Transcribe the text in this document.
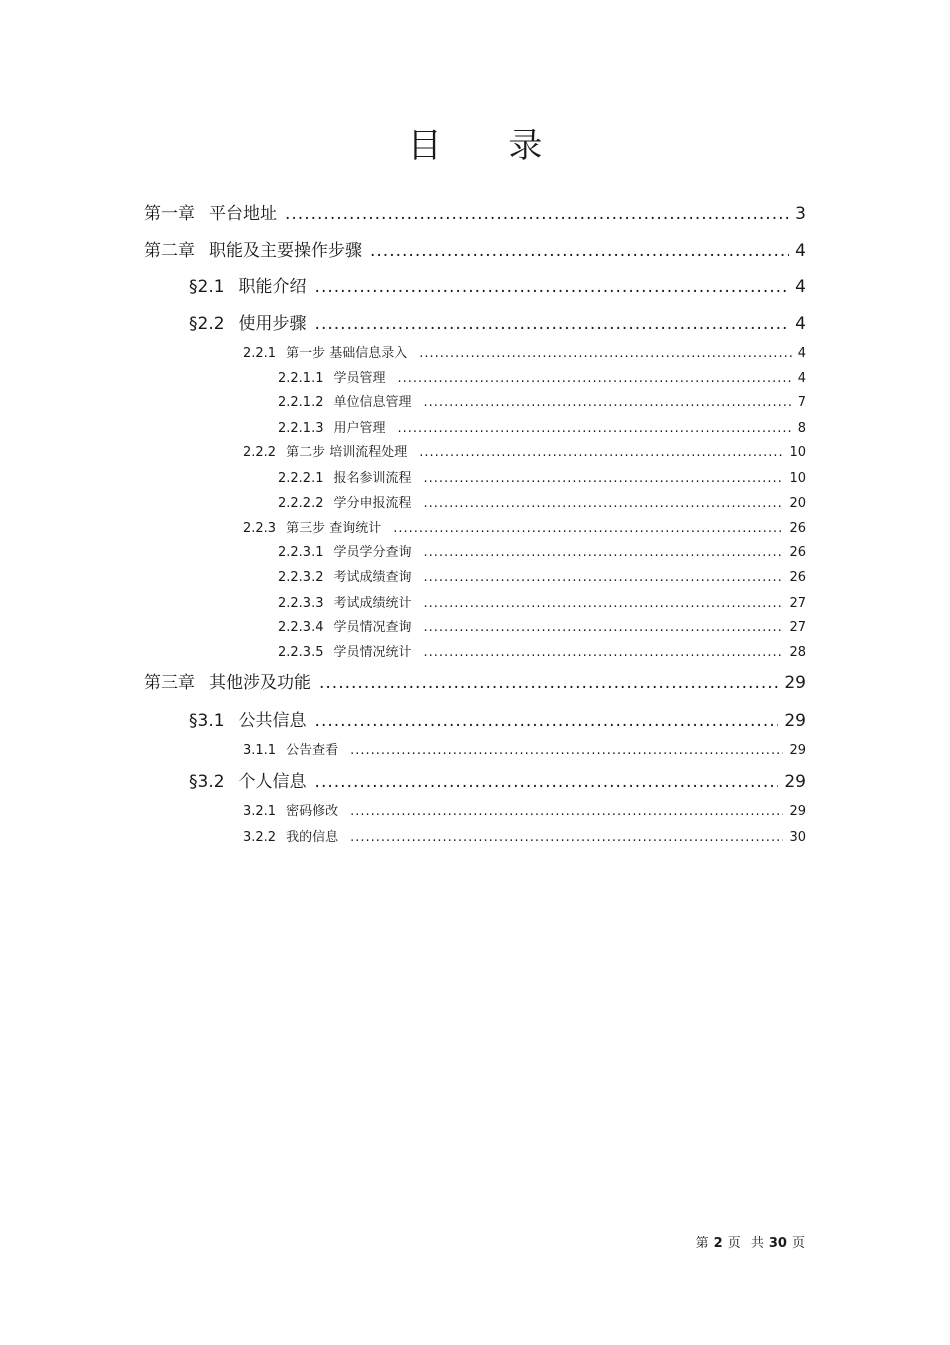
目 录
第一章 平台地址 .....	3
第二章 职能及主要操作步骤 .....	4
§2.1 职能介绍 .....	4
§2.2 使用步骤 .....	4
2.2.1 第一步 基础信息录入 .....	4
2.2.1.1 学员管理 .....	4
2.2.1.2 单位信息管理 .....	7
2.2.1.3 用户管理 .....	8
2.2.2 第二步 培训流程处理 .....	10
2.2.2.1 报名参训流程 .....	10
2.2.2.2 学分申报流程 .....	20
2.2.3 第三步 查询统计 .....	26
2.2.3.1 学员学分查询 .....	26
2.2.3.2 考试成绩查询 .....	26
2.2.3.3 考试成绩统计 .....	27
2.2.3.4 学员情况查询 .....	27
2.2.3.5 学员情况统计 .....	28
第三章 其他涉及功能 .....	29
§3.1 公共信息 .....	29
3.1.1 公告查看 .....	29
§3.2 个人信息 .....	29
3.2.1 密码修改 .....	29
3.2.2 我的信息 .....	30
第 2 页 共 30 页
